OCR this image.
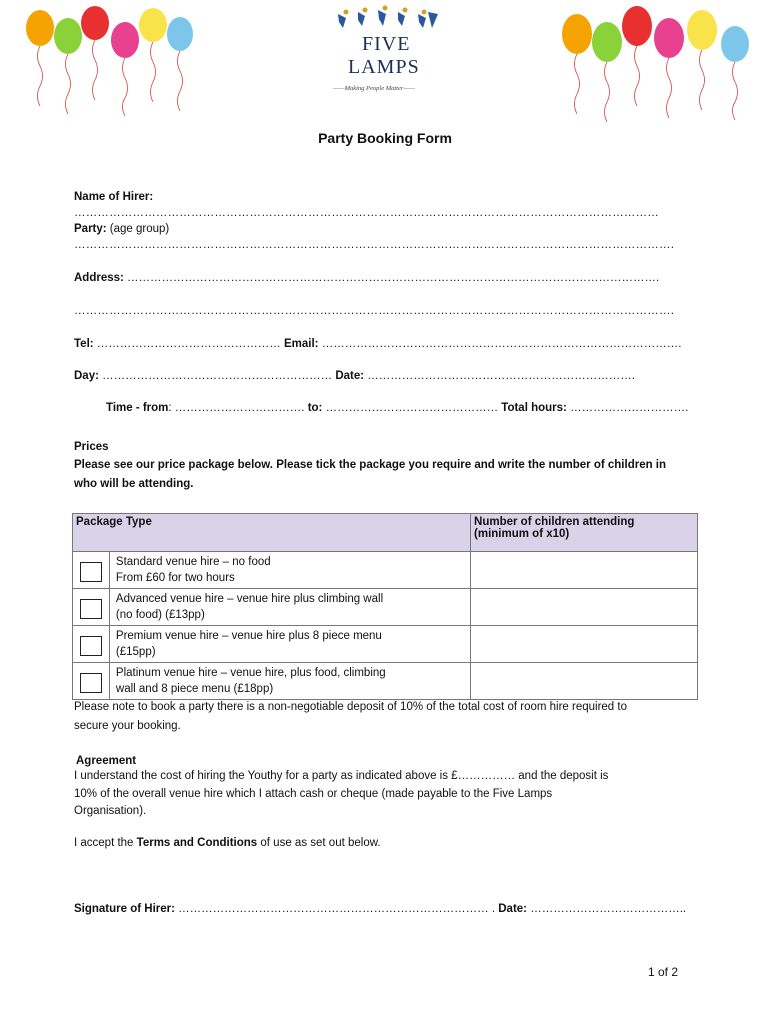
FIVE
LAMPS
——Making People Matter——
Party Booking Form
Name of Hirer:
……………………………………………………………………………………………………………………………………
Party: (age group)
……………………………………………………………………………………………………………………………………….
Address: ………………………………………………………………………………………………………………………….
……………………………………………………………………………………………………………………………………….
Tel: ………………………………………… Email: ………………………………………………………………………………….
Day: …………………………………………………… Date: …………………………………………………………….
Time - from: ……………………………. to: ……………………………………… Total hours: ………………………….
Prices
Please see our price package below. Please tick the package you require and write the number of children in
who will be attending.
Package Type		Number of children attending
(minimum of x10)

	Standard venue hire – no food
From £60 for two hours	

	Advanced venue hire – venue hire plus climbing wall
(no food) (£13pp)	

	Premium venue hire – venue hire plus 8 piece menu
(£15pp)	

	Platinum venue hire – venue hire, plus food, climbing
wall and 8 piece menu (£18pp)	

Please note to book a party there is a non-negotiable deposit of 10% of the total cost of room hire required to
secure your booking.
Agreement
I understand the cost of hiring the Youthy for a party as indicated above is £…………… and the deposit is
10% of the overall venue hire which I attach cash or cheque (made payable to the Five Lamps
Organisation).
I accept the Terms and Conditions of use as set out below.
Signature of Hirer: ……………………………………………………………………… . Date: …………………………………..
1 of 2
